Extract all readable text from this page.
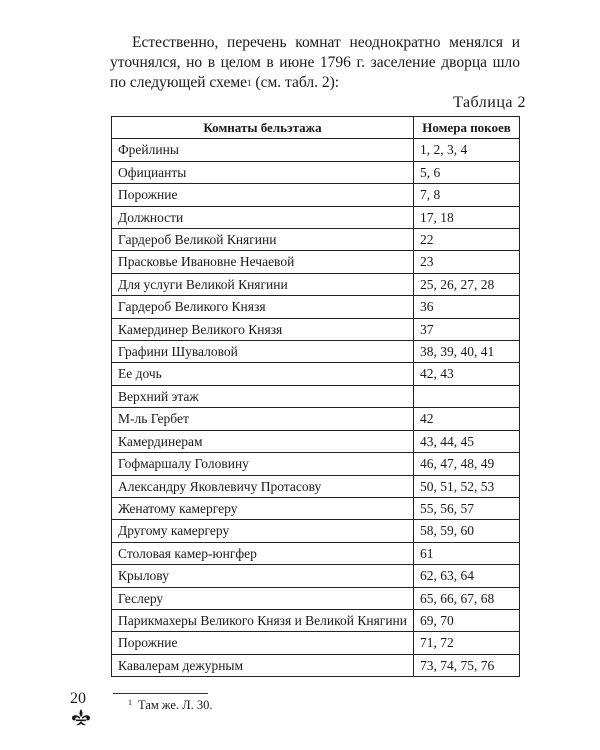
Естественно, перечень комнат неоднократно менялся и уточнялся, но в целом в июне 1796 г. заселение дворца шло по следующей схеме$^1$ (см. табл. 2):

Таблица 2
Комнаты бельэтажа	Номера покоев
Фрейлины	1, 2, 3, 4
Официанты	5, 6
Порожние	7, 8
Должности	17, 18
Гардероб Великой Княгини	22
Прасковье Ивановне Нечаевой	23
Для услуги Великой Княгини	25, 26, 27, 28
Гардероб Великого Князя	36
Камердинер Великого Князя	37
Графини Шуваловой	38, 39, 40, 41
Ее дочь	42, 43
Верхний этаж	
М-ль Гербет	42
Камердинерам	43, 44, 45
Гофмаршалу Головину	46, 47, 48, 49
Александру Яковлевичу Протасову	50, 51, 52, 53
Женатому камергеру	55, 56, 57
Другому камергеру	58, 59, 60
Столовая камер-юнгфер	61
Крылову	62, 63, 64
Геслеру	65, 66, 67, 68
Парикмахеры Великого Князя и Великой Княгини	69, 70
Порожние	71, 72
Кавалерам дежурным	73, 74, 75, 76
$^1$ Там же. Л. 30.
20
